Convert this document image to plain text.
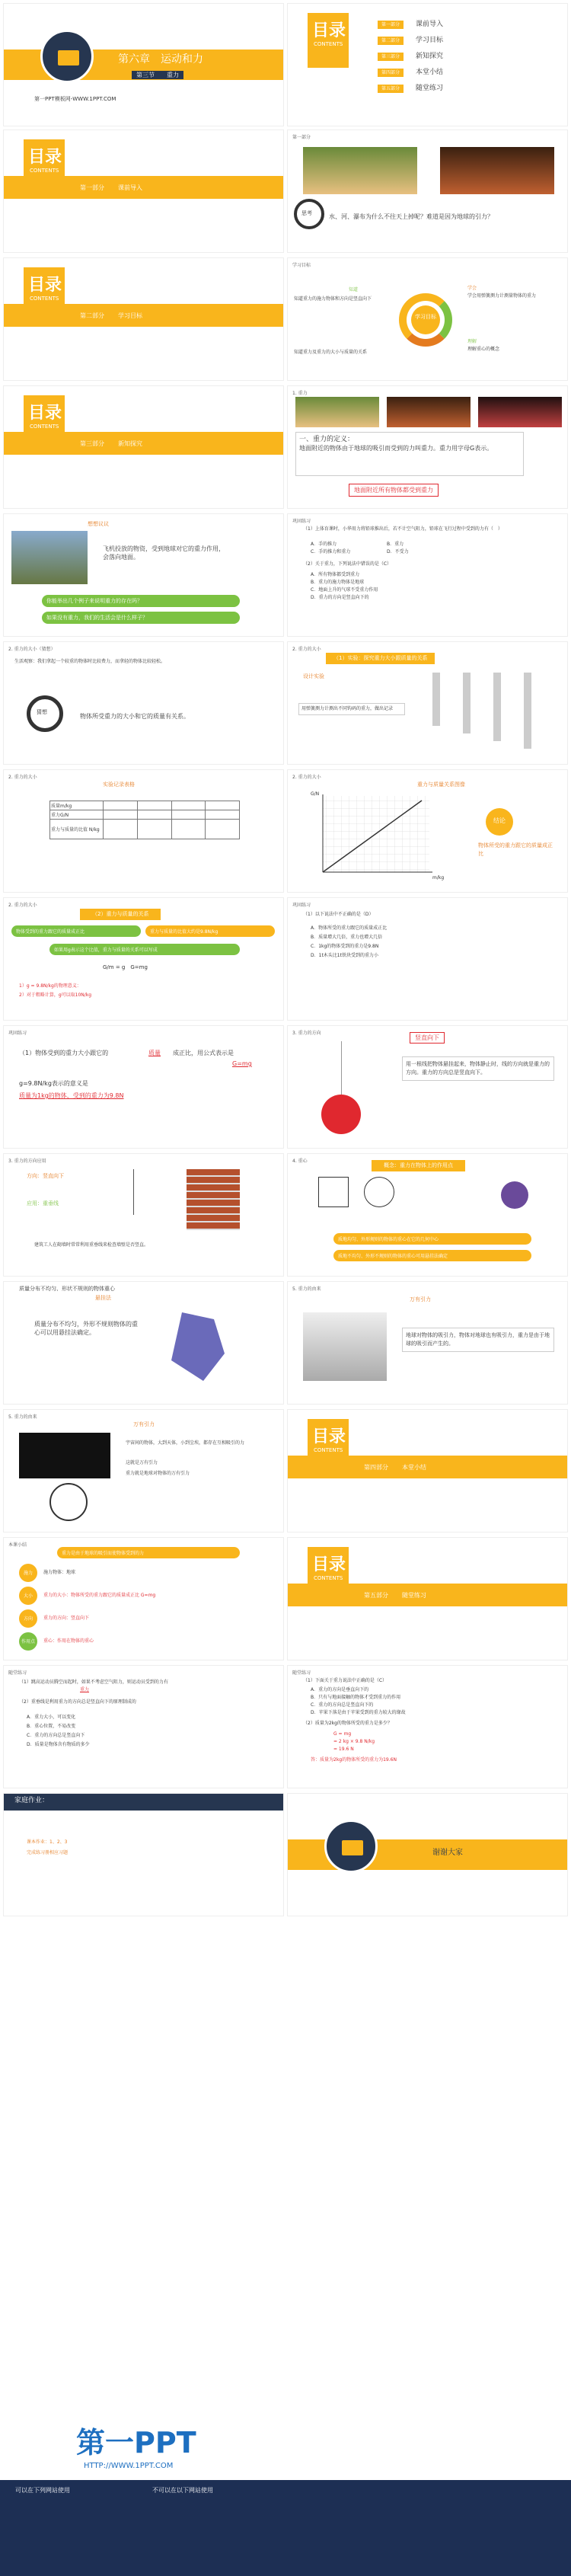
第六章　运动和力
第三节　　重力
第一PPT模板网-WWW.1PPT.COM
目录
CONTENTS
第一部分 课前导入
第二部分 学习目标
第三部分 新知探究
第四部分 本堂小结
第五部分 随堂练习
目录
CONTENTS
第一部分 课前导入
第一部分
思考	水、河、瀑布为什么不往天上掉呢？难道是因为地球的引力？
目录
CONTENTS
第二部分 学习目标
学习目标
学习目标
知道
知道重力的施力物体和方向是竖直向下
学会
学会用弹簧测力计测量物体的重力
理解
理解重心的概念
知道重力及重力的大小与质量的关系
目录
CONTENTS
第三部分 新知探究
1. 重力
一、重力的定义：
地面附近的物体由于地球的吸引而受到的力叫重力。重力用字母G表示。
地面附近所有物体都受到重力
想想议议
飞机投放的物资，受到地球对它的重力作用，会落向地面。
你能举出几个例子来说明重力的存在吗？
如果没有重力，我们的生活会是什么样子？
巩固练习
（1）上体育课时，小华用力将铅球推出后，若不计空气阻力，铅球在飞行过程中受到的力有（　）
A．手的推力	B．重力
C．手的推力和重力	D．不受力
（2）关于重力，下列说法中错误的是（C）
A．所有物体都受到重力
B．重力的施力物体是地球
C．地面上升的气球不受重力作用
D．重力的方向是竖直向下的
2. 重力的大小（猜想）
生活观察：我们拿起一个较重的物体时比较费力，而拿轻的物体比较轻松。
猜想
物体所受重力的大小和它的质量有关系。
2. 重力的大小
（1）实验：探究重力大小跟质量的关系
设计实验
用弹簧测力计测出不同钩码的重力，做出记录
2. 重力的大小
实验记录表格
质量m/kg				
重力G/N				
重力与质量的比值 N/kg				
2. 重力的大小
重力与质量关系图像
G/N
m/kg
结论
物体所受的重力跟它的质量成正比
2. 重力的大小
（2）重力与质量的关系
物体受到的重力跟它的质量成正比	重力与质量的比值大约是9.8N/kg
如果用g表示这个比值，重力与质量的关系可以写成
G/m = g　G=mg
1）g = 9.8N/kg的物理意义：
2）对于粗略计算，g可以取10N/kg
巩固练习
（1）以下说法中不正确的是（D）
A．物体所受的重力跟它的质量成正比
B．质量增大几倍，重力也增大几倍
C．1kg的物体受到的重力是9.8N
D．1t木头比1t铁块受到的重力小
巩固练习
（1）物体受到的重力大小跟它的	质量 成正比，用公式表示是
G=mg
g=9.8N/kg表示的意义是
质量为1kg的物体，受到的重力为9.8N
3. 重力的方向
竖直向下
用一根线把物体悬挂起来，物体静止时，线的方向就是重力的方向。重力的方向总是竖直向下。
3. 重力的方向应用
方向：竖直向下
应用：重垂线
建筑工人在砌墙时常常利用重垂线来检查墙壁是否竖直。
4. 重心
概念：重力在物体上的作用点
质地均匀、外形规则的物体的重心在它的几何中心
质地不均匀、外形不规则的物体的重心可用悬挂法确定
质量分布不均匀、形状不规则的物体重心
悬挂法
质量分布不均匀，外形不规则物体的重心可以用悬挂法确定。
5. 重力的由来
万有引力
地球对物体的吸引力，物体对地球也有吸引力，重力是由于地球的吸引而产生的。
5. 重力的由来
万有引力
宇宙间的物体，大到天体，小到尘埃，都存在互相吸引的力
这就是万有引力
重力就是地球对物体的万有引力
目录
CONTENTS
第四部分 本堂小结
本课小结
重力是由于地球的吸引而使物体受到的力
施力	施力物体：地球
大小	重力的大小：物体所受的重力跟它的质量成正比 G=mg
方向	重力的方向：竖直向下
作用点	重心：作用在物体的重心
目录
CONTENTS
第五部分 随堂练习
随堂练习
（1）跳高运动员腾空而起时，如果不考虑空气阻力，则运动员受到的力有
重力
（2）重垂线是利用重力的方向总是竖直向下的原理制成的
A．重力大小，可以变化
B．重心位置，不易改变
C．重力的方向总是竖直向下
D．质量是物体含有物质的多少
随堂练习
（1）下面关于重力说法中正确的是（C）
A．重力的方向是垂直向下的
B．只有与地面接触的物体才受到重力的作用
C．重力的方向总是竖直向下的
D．苹果下落是由于苹果受到的重力较大的缘故
（2）质量为2kg的物体所受的重力是多少？
G = mg
= 2 kg × 9.8 N/kg
= 19.6 N
答：质量为2kg的物体所受的重力为19.6N
家庭作业：
课本作业：1、2、3
完成练习册相应习题	谢谢大家
第一PPT
HTTP://WWW.1PPT.COM
可以在下列网站使用	不可以在以下网站使用
